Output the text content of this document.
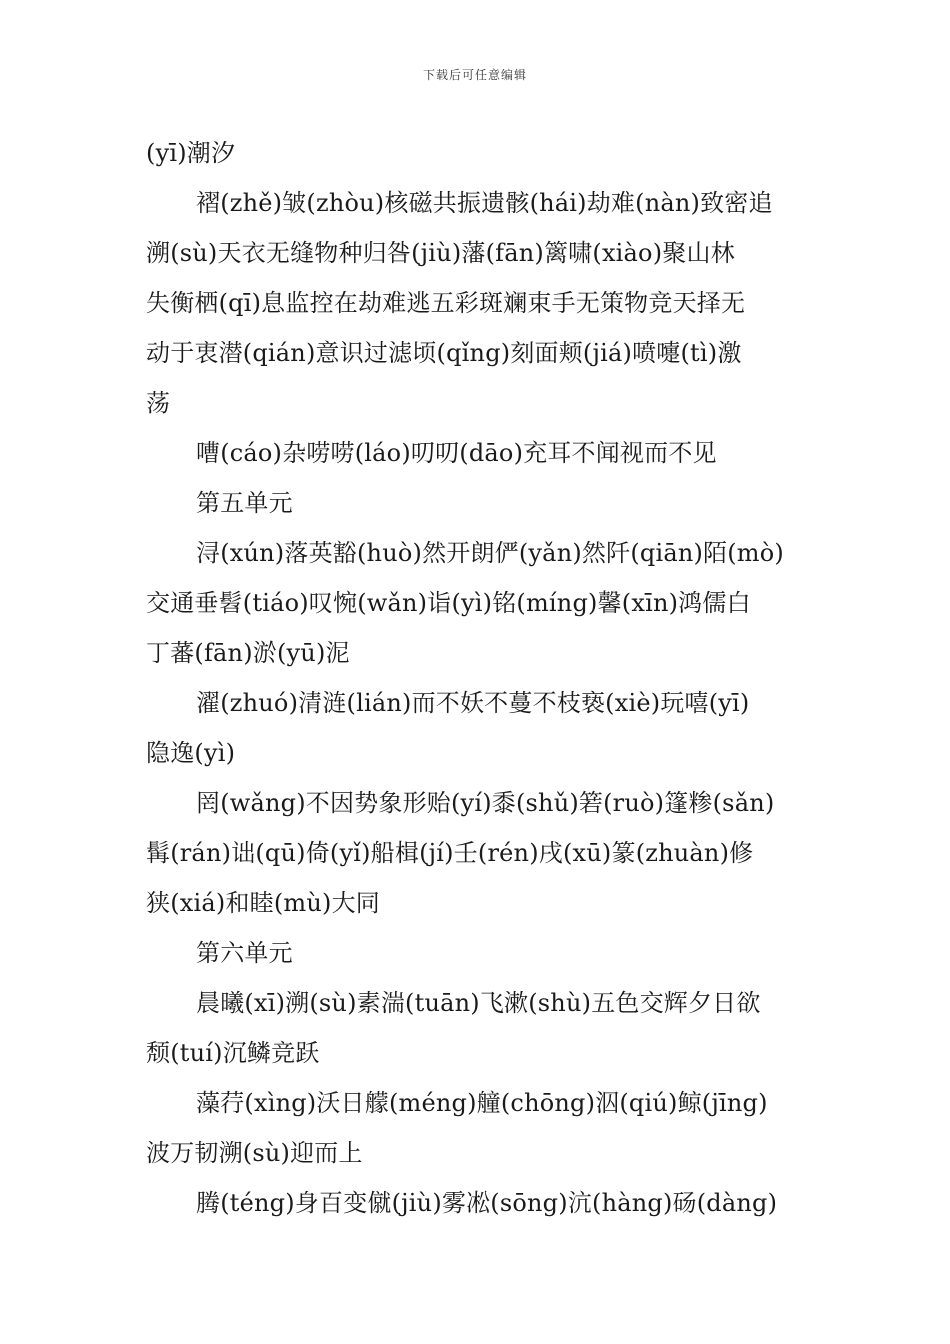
下载后可任意编辑
(yī)潮汐
褶(zhě)皱(zhòu)核磁共振遗骸(hái)劫难(nàn)致密追
溯(sù)天衣无缝物种归咎(jiù)藩(fān)篱啸(xiào)聚山林
失衡栖(qī)息监控在劫难逃五彩斑斓束手无策物竞天择无
动于衷潜(qián)意识过滤顷(qǐng)刻面颊(jiá)喷嚏(tì)激
荡
嘈(cáo)杂唠唠(láo)叨叨(dāo)充耳不闻视而不见
第五单元
浔(xún)落英豁(huò)然开朗俨(yǎn)然阡(qiān)陌(mò)
交通垂髫(tiáo)叹惋(wǎn)诣(yì)铭(míng)馨(xīn)鸿儒白
丁蕃(fān)淤(yū)泥
濯(zhuó)清涟(lián)而不妖不蔓不枝亵(xiè)玩嘻(yī)
隐逸(yì)
罔(wǎng)不因势象形贻(yí)黍(shǔ)箬(ruò)篷糁(sǎn)
髯(rán)诎(qū)倚(yǐ)船楫(jí)壬(rén)戌(xū)篆(zhuàn)修
狭(xiá)和睦(mù)大同
第六单元
晨曦(xī)溯(sù)素湍(tuān)飞漱(shù)五色交辉夕日欲
颓(tuí)沉鳞竞跃
藻荇(xìng)沃日艨(méng)艟(chōng)泅(qiú)鲸(jīng)
波万韧溯(sù)迎而上
腾(téng)身百变僦(jiù)雾凇(sōng)沆(hàng)砀(dàng)
